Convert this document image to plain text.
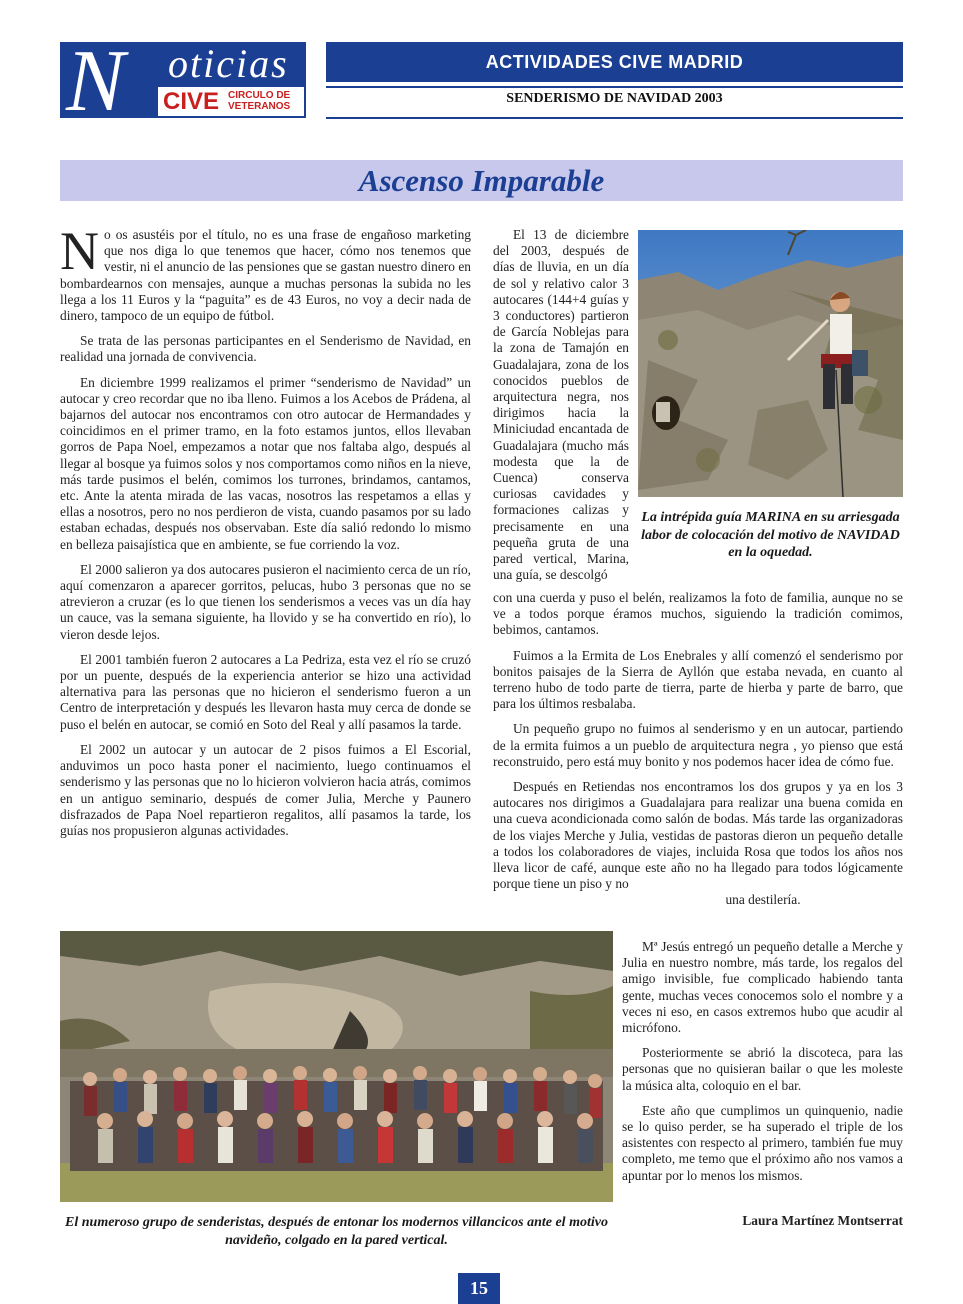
N oticias
CIVE CIRCULO DE
VETERANOS
ACTIVIDADES CIVE MADRID
SENDERISMO DE NAVIDAD 2003
Ascenso Imparable

No os asustéis por el título, no es una frase de engañoso marketing que nos diga lo que tenemos que hacer, cómo nos tenemos que vestir, ni el anuncio de las pensiones que se gastan nuestro dinero en bombardearnos con mensajes, aunque a muchas personas la subida no les llega a los 11 Euros y la “paguita” es de 43 Euros, no voy a decir nada de dinero, tampoco de un equipo de fútbol.

Se trata de las personas participantes en el Senderismo de Navidad, en realidad una jornada de convivencia.

En diciembre 1999 realizamos el primer “senderismo de Navidad” un autocar y creo recordar que no iba lleno. Fuimos a los Acebos de Prádena, al bajarnos del autocar nos encontramos con otro autocar de Hermandades y coincidimos en el primer tramo, en la foto estamos juntos, ellos llevaban gorros de Papa Noel, empezamos a notar que nos faltaba algo, después al llegar al bosque ya fuimos solos y nos comportamos como niños en la nieve, más tarde pusimos el belén, comimos los turrones, brindamos, cantamos, etc. Ante la atenta mirada de las vacas, nosotros las respetamos a ellas y ellas a nosotros, pero no nos perdieron de vista, cuando pasamos por su lado estaban echadas, después nos observaban. Este día salió redondo lo mismo en belleza paisajística que en ambiente, se fue corriendo la voz.

El 2000 salieron ya dos autocares pusieron el nacimiento cerca de un río, aquí comenzaron a aparecer gorritos, pelucas, hubo 3 personas que no se atrevieron a cruzar (es lo que tienen los senderismos a veces vas un día hay un cauce, vas la semana siguiente, ha llovido y se ha convertido en río), lo vieron desde lejos.

El 2001 también fueron 2 autocares a La Pedriza, esta vez el río se cruzó por un puente, después de la experiencia anterior se hizo una actividad alternativa para las personas que no hicieron el senderismo fueron a un Centro de interpretación y después les llevaron hasta muy cerca de donde se puso el belén en autocar, se comió en Soto del Real y allí pasamos la tarde.

El 2002 un autocar y un autocar de 2 pisos fuimos a El Escorial, anduvimos un poco hasta poner el nacimiento, luego continuamos el senderismo y las personas que no lo hicieron volvieron hacia atrás, comimos en un antiguo seminario, después de comer Julia, Merche y Paunero disfrazados de Papa Noel repartieron regalitos, allí pasamos la tarde, los guías nos propusieron algunas actividades.

El 13 de diciembre del 2003, después de días de lluvia, en un día de sol y relativo calor 3 autocares (144+4 guías y 3 conductores) partieron de García Noblejas para la zona de Tamajón en Guadalajara, zona de los conocidos pueblos de arquitectura negra, nos dirigimos hacia la Miniciudad encantada de Guadalajara (mucho más modesta que la de Cuenca) conserva curiosas cavidades y formaciones calizas y precisamente en una pequeña gruta de una pared vertical, Marina, una guía, se descolgó

La intrépida guía MARINA en su arriesgada labor de colocación del motivo de NAVIDAD en la oquedad.

con una cuerda y puso el belén, realizamos la foto de familia, aunque no se ve a todos porque éramos muchos, siguiendo la tradición comimos, bebimos, cantamos.

Fuimos a la Ermita de Los Enebrales y allí comenzó el senderismo por bonitos paisajes de la Sierra de Ayllón que estaba nevada, en cuanto al terreno hubo de todo parte de tierra, parte de hierba y parte de barro, que para los últimos resbalaba.

Un pequeño grupo no fuimos al senderismo y en un autocar, partiendo de la ermita fuimos a un pueblo de arquitectura negra , yo pienso que está reconstruido, pero está muy bonito y nos podemos hacer idea de cómo fue.

Después en Retiendas nos encontramos los dos grupos y ya en los 3 autocares nos dirigimos a Guadalajara para realizar una buena comida en una cueva acondicionada como salón de bodas. Más tarde las organizadoras de los viajes Merche y Julia, vestidas de pastoras dieron un pequeño detalle a todos los colaboradores de viajes, incluida Rosa que todos los años nos lleva licor de café, aunque este año no ha llegado para todos lógicamente porque tiene un piso y no

una destilería.
El numeroso grupo de senderistas, después de entonar los modernos villancicos ante el motivo navideño, colgado en la pared vertical.

Mª Jesús entregó un pequeño detalle a Merche y Julia en nuestro nombre, más tarde, los regalos del amigo invisible, fue complicado habiendo tanta gente, muchas veces conocemos solo el nombre y a veces ni eso, en casos extremos hubo que acudir al micrófono.

Posteriormente se abrió la discoteca, para las personas que no quisieran bailar o que les moleste la música alta, coloquio en el bar.

Este año que cumplimos un quinquenio, nadie se lo quiso perder, se ha superado el triple de los asistentes con respecto al primero, también fue muy completo, me temo que el próximo año nos vamos a apuntar por lo menos los mismos.

Laura Martínez Montserrat
15
